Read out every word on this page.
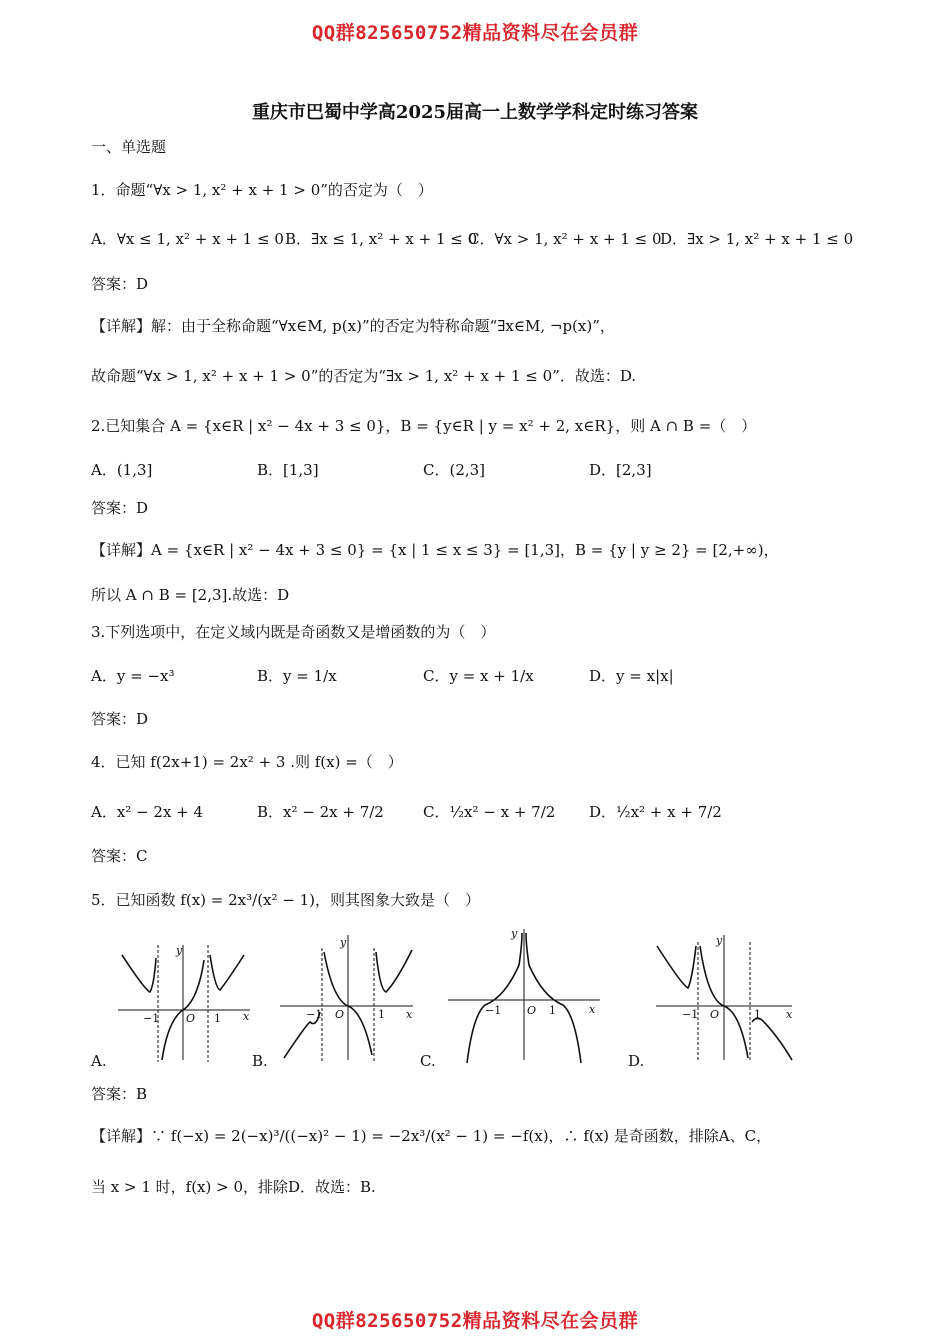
QQ群825650752精品资料尽在会员群
重庆市巴蜀中学高2025届高一上数学学科定时练习答案
一、单选题
1．命题“∀x > 1, x² + x + 1 > 0”的否定为（　）
A．∀x ≤ 1, x² + x + 1 ≤ 0 B．∃x ≤ 1, x² + x + 1 ≤ 0
C．∀x > 1, x² + x + 1 ≤ 0
D．∃x > 1, x² + x + 1 ≤ 0
答案：D
【详解】解：由于全称命题“∀x∈M, p(x)”的否定为特称命题“∃x∈M, ¬p(x)”，
故命题“∀x > 1, x² + x + 1 > 0”的否定为“∃x > 1, x² + x + 1 ≤ 0”．故选：D.
2.已知集合 A = {x∈R | x² − 4x + 3 ≤ 0}，B = {y∈R | y = x² + 2, x∈R}，则 A ∩ B =（　）
A．(1,3]	B．[1,3]	C．(2,3]	D．[2,3]
答案：D
【详解】A = {x∈R | x² − 4x + 3 ≤ 0} = {x | 1 ≤ x ≤ 3} = [1,3]，B = {y | y ≥ 2} = [2,+∞)，
所以 A ∩ B = [2,3].故选：D
3.下列选项中，在定义域内既是奇函数又是增函数的为（　）
A．y = −x³	B．y = 1/x	C．y = x + 1/x	D．y = x|x|
答案：D
4．已知 f(2x+1) = 2x² + 3 .则 f(x) =（　）
A．x² − 2x + 4	B．x² − 2x + 7/2	C．½x² − x + 7/2 D．½x² + x + 7/2
答案：C
5．已知函数 f(x) = 2x³/(x² − 1)，则其图象大致是（　）
y
x
O
−1	1
y
x
O
−1	1
y
x
O
−1	1
y
x
O
−1	1
A.	B.	C.	D.
答案：B
【详解】∵ f(−x) = 2(−x)³/((−x)² − 1) = −2x³/(x² − 1) = −f(x)，∴ f(x) 是奇函数，排除A、C，
当 x > 1 时，f(x) > 0，排除D．故选：B.
QQ群825650752精品资料尽在会员群
